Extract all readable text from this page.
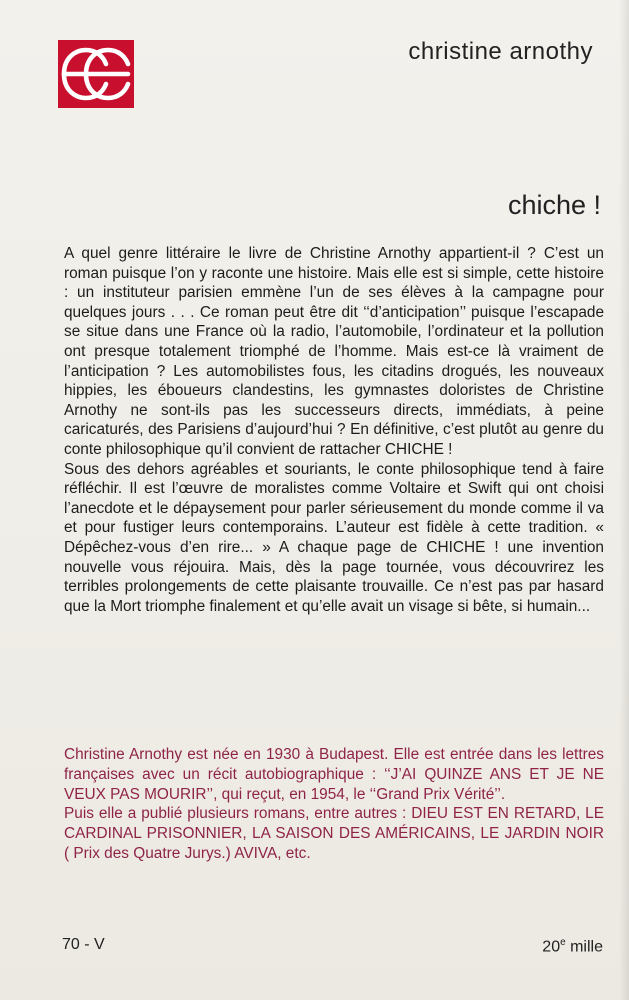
christine arnothy
chiche !

A quel genre littéraire le livre de Christine Arnothy appartient-il ? C’est un roman puisque l’on y raconte une histoire. Mais elle est si simple, cette histoire : un instituteur parisien emmène l’un de ses élèves à la campagne pour quelques jours . . . Ce roman peut être dit ‘‘d’anticipation’’ puisque l’escapade se situe dans une France où la radio, l’automobile, l’ordinateur et la pollution ont presque totalement triomphé de l’homme. Mais est-ce là vraiment de l’anticipation ? Les automobilistes fous, les citadins drogués, les nouveaux hippies, les éboueurs clandestins, les gymnastes doloristes de Christine Arnothy ne sont-ils pas les successeurs directs, immédiats, à peine caricaturés, des Parisiens d’aujourd’hui ? En définitive, c’est plutôt au genre du conte philosophique qu’il convient de rattacher CHICHE !

Sous des dehors agréables et souriants, le conte philosophique tend à faire réfléchir. Il est l’œuvre de moralistes comme Voltaire et Swift qui ont choisi l’anecdote et le dépaysement pour parler sérieusement du monde comme il va et pour fustiger leurs contemporains. L’auteur est fidèle à cette tradition. « Dépêchez-vous d’en rire... » A chaque page de CHICHE ! une invention nouvelle vous réjouira. Mais, dès la page tournée, vous découvrirez les terribles prolongements de cette plaisante trouvaille. Ce n’est pas par hasard que la Mort triomphe finalement et qu’elle avait un visage si bête, si humain...

Christine Arnothy est née en 1930 à Budapest. Elle est entrée dans les lettres françaises avec un récit autobiographique : ‘‘J’AI QUINZE ANS ET JE NE VEUX PAS MOURIR’’, qui reçut, en 1954, le ‘‘Grand Prix Vérité’’.

Puis elle a publié plusieurs romans, entre autres : DIEU EST EN RETARD, LE CARDINAL PRISONNIER, LA SAISON DES AMÉRICAINS, LE JARDIN NOIR ( Prix des Quatre Jurys.) AVIVA, etc.

70 - V	20e mille
